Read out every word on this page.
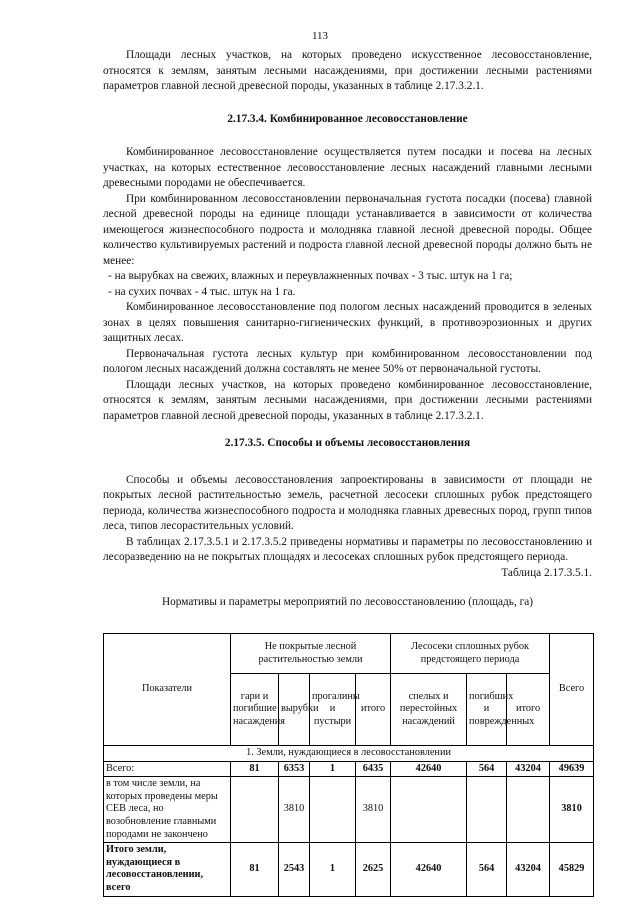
113

Площади лесных участков, на которых проведено искусственное лесовосстановление, относятся к землям, занятым лесными насаждениями, при достижении лесными растениями параметров главной лесной древесной породы, указанных в таблице 2.17.3.2.1.

2.17.3.4. Комбинированное лесовосстановление

Комбинированное лесовосстановление осуществляется путем посадки и посева на лесных участках, на которых естественное лесовосстановление лесных насаждений главными лесными древесными породами не обеспечивается.

При комбинированном лесовосстановлении первоначальная густота посадки (посева) главной лесной древесной породы на единице площади устанавливается в зависимости от количества имеющегося жизнеспособного подроста и молодняка главной лесной древесной породы. Общее количество культивируемых растений и подроста главной лесной древесной породы должно быть не менее:

- на вырубках на свежих, влажных и переувлажненных почвах - 3 тыс. штук на 1 га;

- на сухих почвах - 4 тыс. штук на 1 га.

Комбинированное лесовосстановление под пологом лесных насаждений проводится в зеленых зонах в целях повышения санитарно-гигиенических функций, в противоэрозионных и других защитных лесах.

Первоначальная густота лесных культур при комбинированном лесовосстановлении под пологом лесных насаждений должна составлять не менее 50% от первоначальной густоты.

Площади лесных участков, на которых проведено комбинированное лесовосстановление, относятся к землям, занятым лесными насаждениями, при достижении лесными растениями параметров главной лесной древесной породы, указанных в таблице 2.17.3.2.1.

2.17.3.5. Способы и объемы лесовосстановления

Способы и объемы лесовосстановления запроектированы в зависимости от площади не покрытых лесной растительностью земель, расчетной лесосеки сплошных рубок предстоящего периода, количества жизнеспособного подроста и молодняка главных древесных пород, групп типов леса, типов лесорастительных условий.

В таблицах 2.17.3.5.1 и 2.17.3.5.2 приведены нормативы и параметры по лесовосстановлению и лесоразведению на не покрытых площадях и лесосеках сплошных рубок предстоящего периода.

Таблица 2.17.3.5.1.

Нормативы и параметры мероприятий по лесовосстановлению (площадь, га)

Показатели	Не покрытые лесной растительностью земли				Лесосеки сплошных рубок предстоящего периода			Всего
	гари и погибшие насаждения	вырубки	прогалины и пустыри	итого	спелых и перестойных насаждений	погибших и поврежденных	итого	
1. Земли, нуждающиеся в лесовосстановлении								
Всего:	81	6353	1	6435	42640	564	43204	49639
в том числе земли, на которых проведены меры СЕВ леса, но возобновление главными породами не закончено		3810		3810				3810
Итого земли, нуждающиеся в лесовосстановлении, всего	81	2543	1	2625	42640	564	43204	45829
